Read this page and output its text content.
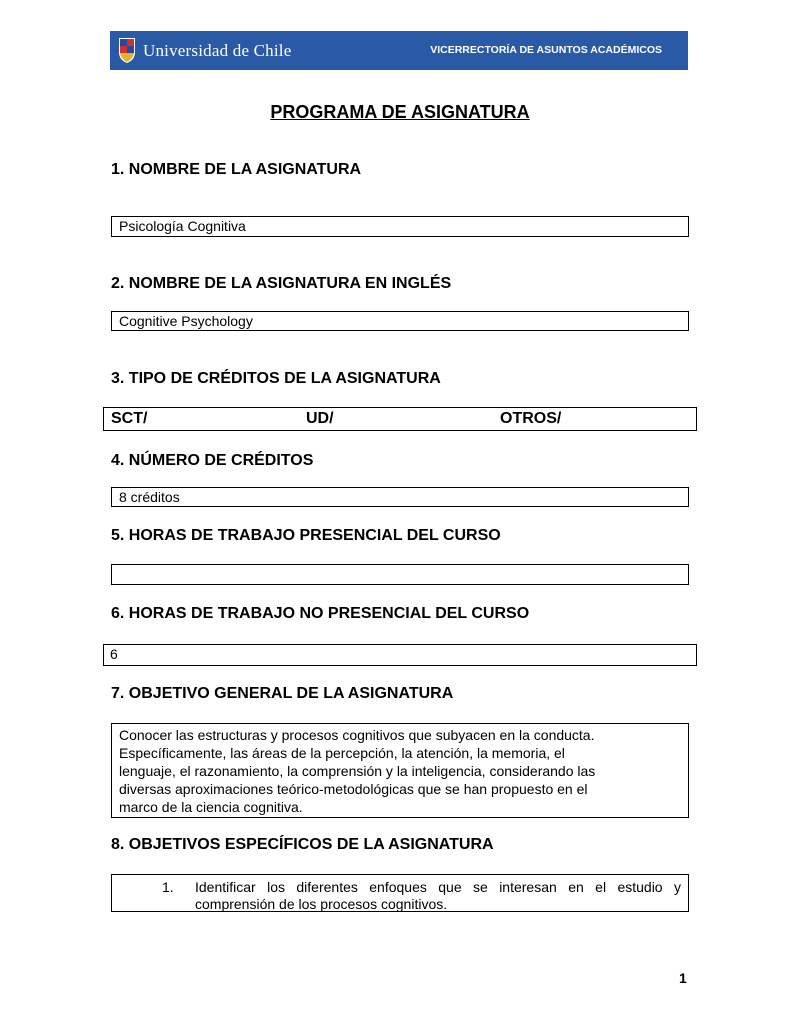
Universidad de Chile	VICERRECTORÍA DE ASUNTOS ACADÉMICOS
PROGRAMA DE ASIGNATURA
1. NOMBRE DE LA ASIGNATURA
Psicología Cognitiva
2. NOMBRE DE LA ASIGNATURA EN INGLÉS
Cognitive Psychology
3. TIPO DE CRÉDITOS DE LA ASIGNATURA
SCT/	UD/	OTROS/
4. NÚMERO DE CRÉDITOS
8 créditos
5. HORAS DE TRABAJO PRESENCIAL DEL CURSO
6. HORAS DE TRABAJO NO PRESENCIAL DEL CURSO
6
7. OBJETIVO GENERAL DE LA ASIGNATURA
Conocer las estructuras y procesos cognitivos que subyacen en la conducta.
Específicamente, las áreas de la percepción, la atención, la memoria, el
lenguaje, el razonamiento, la comprensión y la inteligencia, considerando las
diversas aproximaciones teórico-metodológicas que se han propuesto en el
marco de la ciencia cognitiva.
8. OBJETIVOS ESPECÍFICOS DE LA ASIGNATURA
1.	Identificar los diferentes enfoques que se interesan en el estudio y comprensión de los procesos cognitivos.
1
